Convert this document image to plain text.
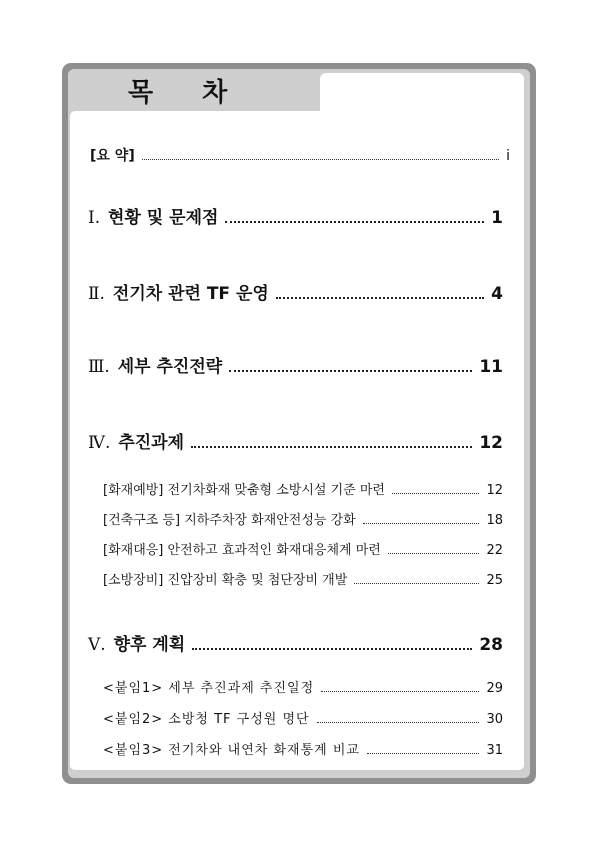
목 차
[요 약]	i
Ⅰ. 현황 및 문제점	1
Ⅱ. 전기차 관련 TF 운영	4
Ⅲ. 세부 추진전략	11
Ⅳ. 추진과제	12
[화재예방] 전기차화재 맞춤형 소방시설 기준 마련	12
[건축구조 등] 지하주차장 화재안전성능 강화	18
[화재대응] 안전하고 효과적인 화재대응체계 마련	22
[소방장비] 진압장비 확충 및 첨단장비 개발	25
Ⅴ. 향후 계획	28
<붙임1> 세부 추진과제 추진일정	29
<붙임2> 소방청 TF 구성원 명단	30
<붙임3> 전기차와 내연차 화재통계 비교	31
